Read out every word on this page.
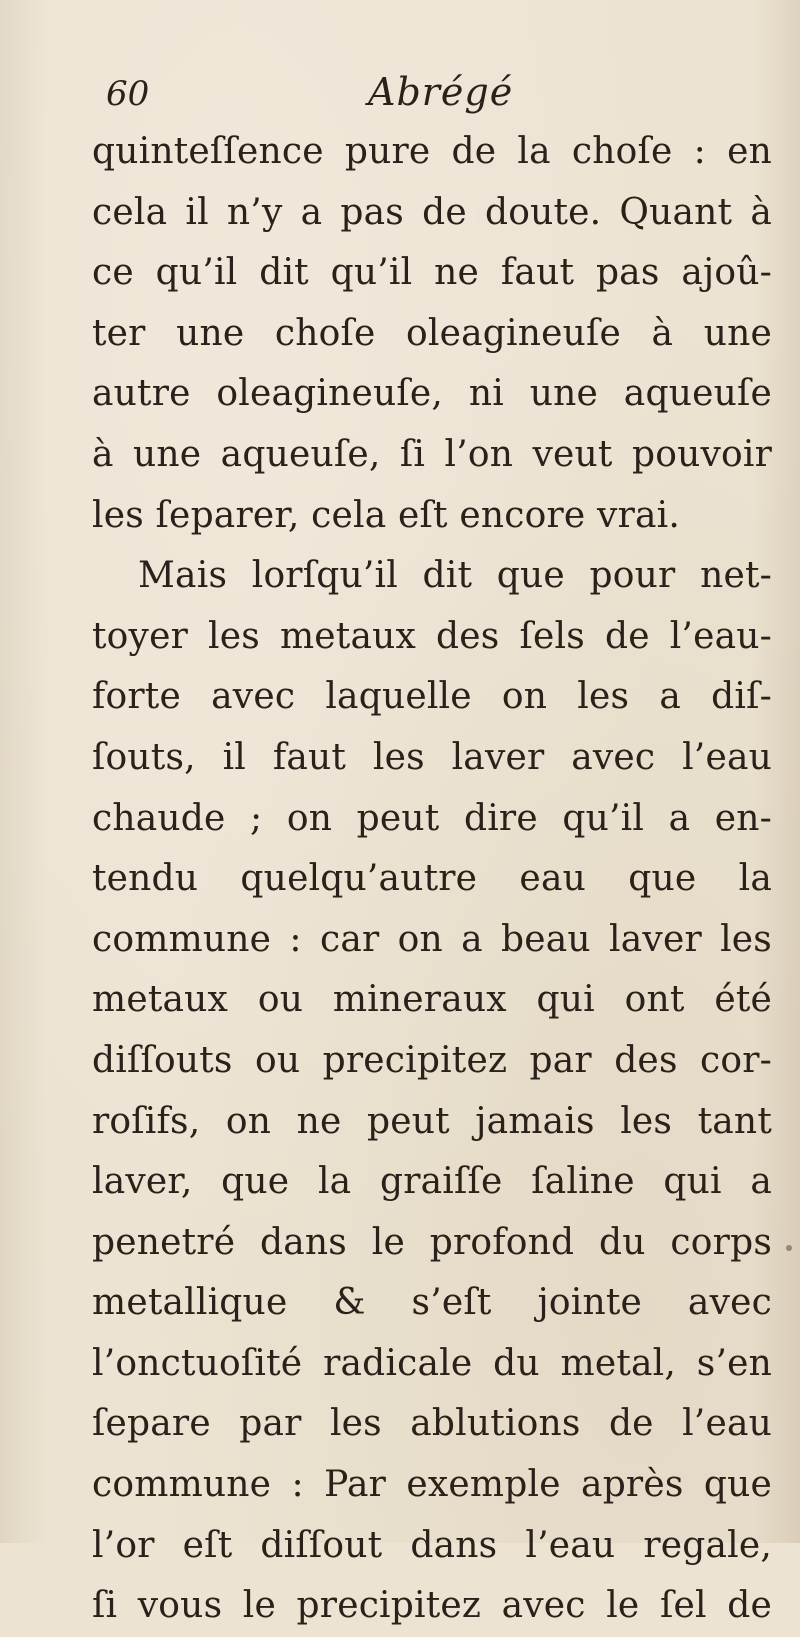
60	Abrégé
quinteſſence pure de la choſe : en
cela il n’y a pas de doute. Quant à
ce qu’il dit qu’il ne faut pas ajoû-
ter une choſe oleagineuſe à une
autre oleagineuſe, ni une aqueuſe
à une aqueuſe, ſi l’on veut pouvoir
les ſeparer, cela eſt encore vrai.
Mais lorſqu’il dit que pour net-
toyer les metaux des ſels de l’eau-
forte avec laquelle on les a diſ-
ſouts, il faut les laver avec l’eau
chaude ; on peut dire qu’il a en-
tendu quelqu’autre eau que la
commune : car on a beau laver les
metaux ou mineraux qui ont été
diſſouts ou precipitez par des cor-
roſifs, on ne peut jamais les tant
laver, que la graiſſe ſaline qui a
penetré dans le profond du corps
metallique & s’eſt jointe avec
l’onctuoſité radicale du metal, s’en
ſepare par les ablutions de l’eau
commune : Par exemple après que
l’or eſt diſſout dans l’eau regale,
ſi vous le precipitez avec le ſel de
